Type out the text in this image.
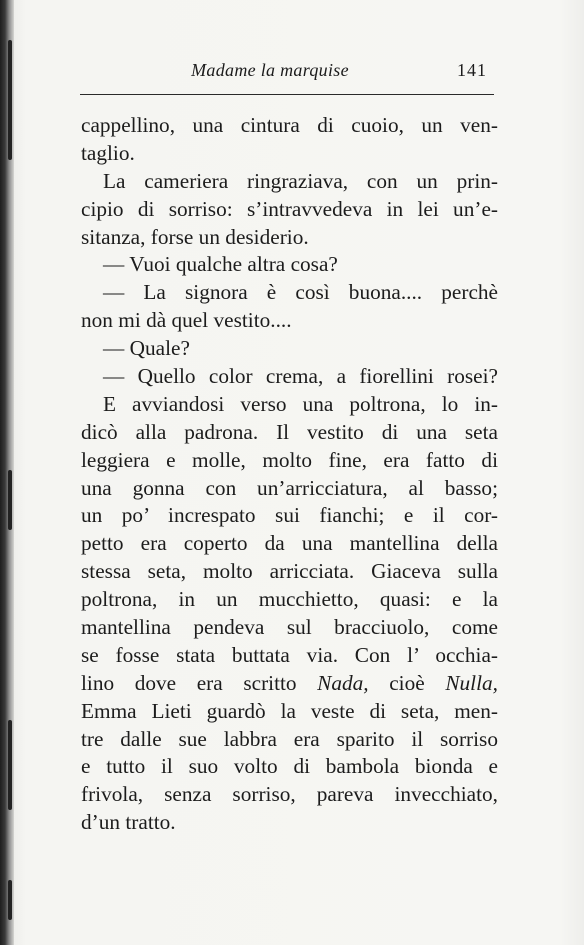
Madame la marquise	141
cappellino, una cintura di cuoio, un ven-
taglio.
La cameriera ringraziava, con un prin-
cipio di sorriso: s’intravvedeva in lei un’e-
sitanza, forse un desiderio.
— Vuoi qualche altra cosa?
— La signora è così buona.... perchè
non mi dà quel vestito....
— Quale?
— Quello color crema, a fiorellini rosei?
E avviandosi verso una poltrona, lo in-
dicò alla padrona. Il vestito di una seta
leggiera e molle, molto fine, era fatto di
una gonna con un’arricciatura, al basso;
un po’ increspato sui fianchi; e il cor-
petto era coperto da una mantellina della
stessa seta, molto arricciata. Giaceva sulla
poltrona, in un mucchietto, quasi: e la
mantellina pendeva sul bracciuolo, come
se fosse stata buttata via. Con l’ occhia-
lino dove era scritto Nada, cioè Nulla,
Emma Lieti guardò la veste di seta, men-
tre dalle sue labbra era sparito il sorriso
e tutto il suo volto di bambola bionda e
frivola, senza sorriso, pareva invecchiato,
d’un tratto.
